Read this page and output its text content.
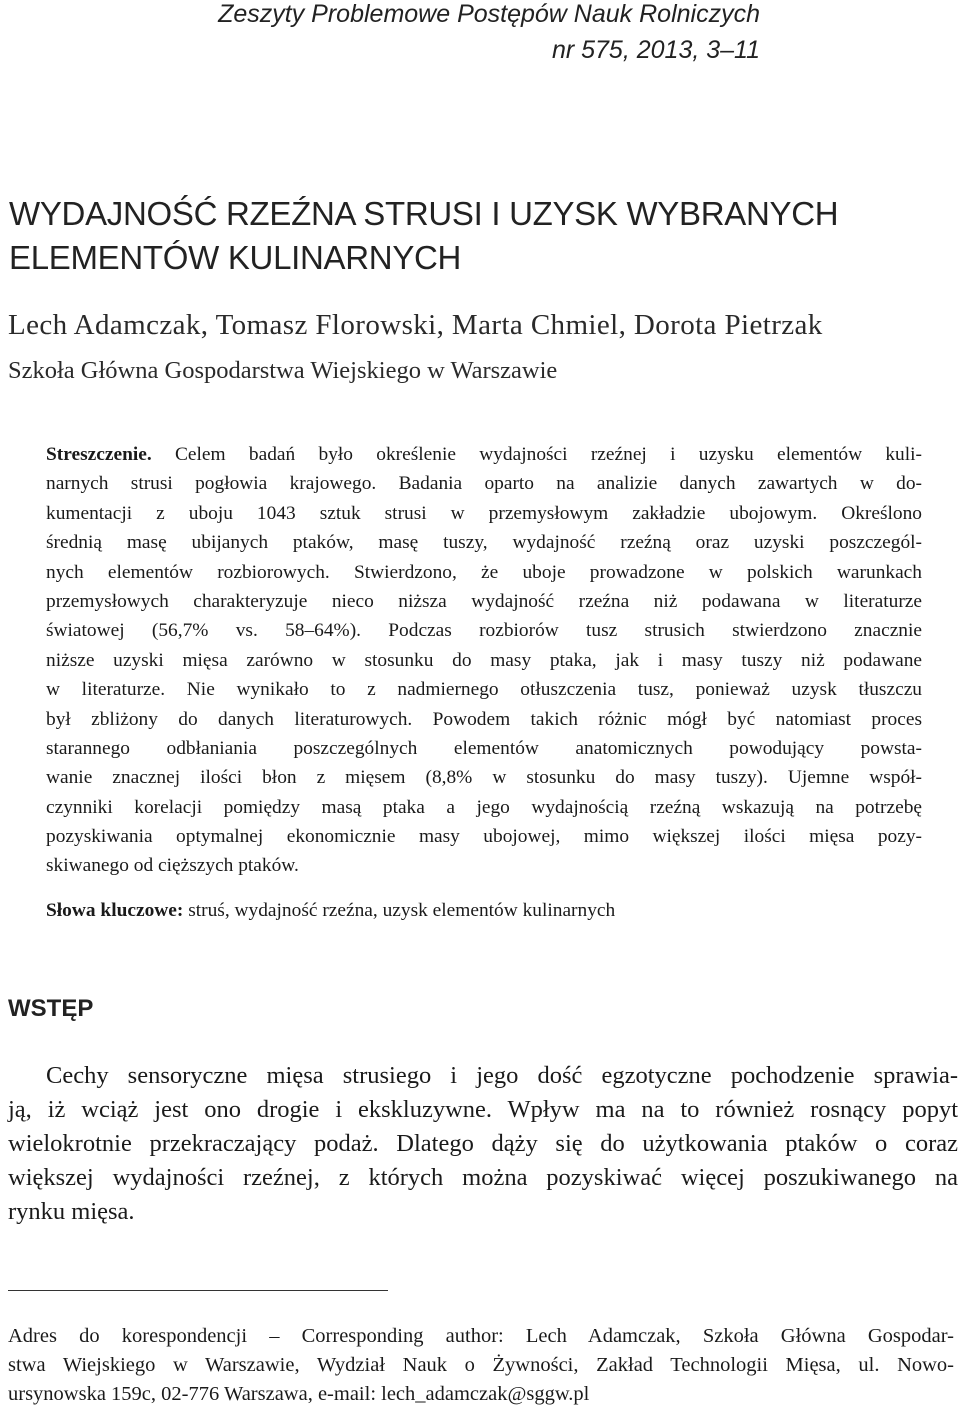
Zeszyty Problemowe Postępów Nauk Rolniczych
nr 575, 2013, 3–11
WYDAJNOŚĆ RZEŹNA STRUSI I UZYSK WYBRANYCH
ELEMENTÓW KULINARNYCH
Lech Adamczak, Tomasz Florowski, Marta Chmiel, Dorota Pietrzak
Szkoła Główna Gospodarstwa Wiejskiego w Warszawie
Streszczenie. Celem badań było określenie wydajności rzeźnej i uzysku elementów kuli-
narnych strusi pogłowia krajowego. Badania oparto na analizie danych zawartych w do-
kumentacji z uboju 1043 sztuk strusi w przemysłowym zakładzie ubojowym. Określono
średnią masę ubijanych ptaków, masę tuszy, wydajność rzeźną oraz uzyski poszczegól-
nych elementów rozbiorowych. Stwierdzono, że uboje prowadzone w polskich warunkach
przemysłowych charakteryzuje nieco niższa wydajność rzeźna niż podawana w literaturze
światowej (56,7% vs. 58–64%). Podczas rozbiorów tusz strusich stwierdzono znacznie
niższe uzyski mięsa zarówno w stosunku do masy ptaka, jak i masy tuszy niż podawane
w literaturze. Nie wynikało to z nadmiernego otłuszczenia tusz, ponieważ uzysk tłuszczu
był zbliżony do danych literaturowych. Powodem takich różnic mógł być natomiast proces
starannego odbłaniania poszczególnych elementów anatomicznych powodujący powsta-
wanie znacznej ilości błon z mięsem (8,8% w stosunku do masy tuszy). Ujemne współ-
czynniki korelacji pomiędzy masą ptaka a jego wydajnością rzeźną wskazują na potrzebę
pozyskiwania optymalnej ekonomicznie masy ubojowej, mimo większej ilości mięsa pozy-
skiwanego od cięższych ptaków.
Słowa kluczowe: struś, wydajność rzeźna, uzysk elementów kulinarnych
WSTĘP
Cechy sensoryczne mięsa strusiego i jego dość egzotyczne pochodzenie sprawia-
ją, iż wciąż jest ono drogie i ekskluzywne. Wpływ ma na to również rosnący popyt
wielokrotnie przekraczający podaż. Dlatego dąży się do użytkowania ptaków o coraz
większej wydajności rzeźnej, z których można pozyskiwać więcej poszukiwanego na
rynku mięsa.
Adres do korespondencji – Corresponding author: Lech Adamczak, Szkoła Główna Gospodar-
stwa Wiejskiego w Warszawie, Wydział Nauk o Żywności, Zakład Technologii Mięsa, ul. Nowo-
ursynowska 159c, 02-776 Warszawa, e-mail: lech_adamczak@sggw.pl
